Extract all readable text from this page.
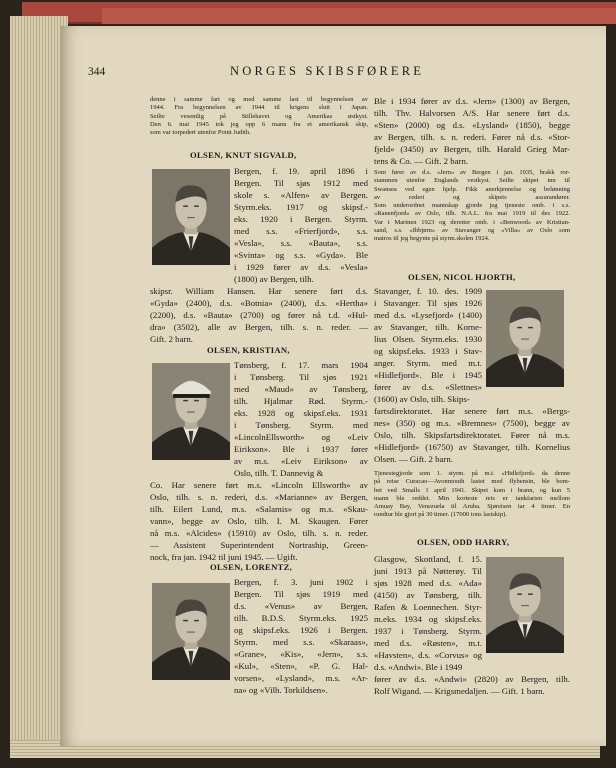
344	NORGES SKIBSFØRERE
denne i samme fart og med samme last til begynnelsen av
1944. Fra begynnelsen av 1944 til krigens slutt i Japan.
Seilte vesentlig på Stillehavet og Amerikas østkyst.
Den 6. mai 1945 tok jeg opp 6 mann fra et amerikansk skip,
som var torpedert utenfor Point Judith.
OLSEN, KNUT SIGVALD,
Bergen, f. 19. april 1896 i
Bergen. Til sjøs 1912 med
skole s. «Alfen» av Bergen.
Styrm.eks. 1917 og skipsf.-
eks. 1920 i Bergen. Styrm.
med s.s. «Frierfjord», s.s.
«Vesla», s.s. «Bauta», s.s.
«Svinta» og s.s. «Gyda». Ble
i 1929 fører av d.s. «Vesla»
(1800) av Bergen, tilh.
skipsr. William Hansen. Har senere ført d.s.
«Gyda» (2400), d.s. «Botnia» (2400), d.s. «Hertha»
(2200), d.s. «Bauta» (2700) og fører nå t.d. «Hul-
dra» (3502), alle av Bergen, tilh. s. n. reder. —
Gift. 2 barn.
OLSEN, KRISTIAN,
Tønsberg, f. 17. mars 1904
i Tønsberg. Til sjøs 1921
med «Maud» av Tønsberg,
tilh. Hjalmar Rød. Styrm.-
eks. 1928 og skipsf.eks. 1931
i Tønsberg. Styrm. med
«LincolnEllsworth» og «Leiv
Eirikson». Ble i 1937 fører
av m.s. «Leiv Eirikson» av
Oslo, tilh. T. Dannevig &
Co. Har senere ført m.s. «Lincoln Ellsworth» av
Oslo, tilh. s. n. rederi, d.s. «Marianne» av Bergen,
tilh. Eilert Lund, m.s. «Salamis» og m.s. «Skau-
vann», begge av Oslo, tilh. I. M. Skaugen. Fører
nå m.s. «Alcides» (15910) av Oslo, tilh. s. n. reder.
— Assistent Superintendent Nortraship, Green-
nock, fra jan. 1942 til juni 1945. — Ugift.
OLSEN, LORENTZ,
Bergen, f. 3. juni 1902 i
Bergen. Til sjøs 1919 med
d.s. «Venus» av Bergen,
tilh. B.D.S. Styrm.eks. 1925
og skipsf.eks. 1926 i Bergen.
Styrm. med s.s. «Skaraas»,
«Grane», «Kis», «Jern», s.s.
«Kul», «Sten», «P. G. Hal-
vorsen», «Lysland», m.s. «Ar-
na» og «Vilh. Torkildsen».
Ble i 1934 fører av d.s. «Jern» (1300) av Bergen,
tilh. Thv. Halvorsen A/S. Har senere ført d.s.
«Sten» (2000) og d.s. «Lysland» (1850), begge
av Bergen, tilh. s. n. rederi. Fører nå d.s. «Stor-
fjeld» (3450) av Bergen, tilh. Harald Grieg Mar-
tens & Co. — Gift. 2 barn.
Som fører av d.s. «Jern» av Bergen i jan. 1935, brakk ror-
stammen utenfor Englands vestkyst. Seilte skipet inn til
Swansea ved egen hjelp. Fikk anerkjennelse og belønning
av rederi og skipets assurandører.
Som underordnet mannskap gjorde jeg tjeneste omb. i s.s.
«Ranenfjord» av Oslo, tilh. N.A.L. fra mai 1919 til des 1922.
Var i Marinen 1923 og deretter omb. i «Benwood» av Kristian-
sand, s.s. «Ibbjørn» av Stavanger og «Villa» av Oslo som
matros til jeg begynte på styrm.skolen 1924.
OLSEN, NICOL HJORTH,
Stavanger, f. 10. des. 1909
i Stavanger. Til sjøs 1926
med d.s. «Lysefjord» (1400)
av Stavanger, tilh. Korne-
lius Olsen. Styrm.eks. 1930
og skipsf.eks. 1933 i Stav-
anger. Styrm. med m.t.
«Hidlefjord». Ble i 1945
fører av d.s. «Slettnes»
(1600) av Oslo, tilh. Skips-
fartsdirektoratet. Har senere ført m.s. «Bergs-
nes» (350) og m.s. «Bremnes» (7500), begge av
Oslo, tilh. Skipsfartsdirektoratet. Fører nå m.s.
«Hidlefjord» (16750) av Stavanger, tilh. Kornelius
Olsen. — Gift. 2 barn.
Tjenestegjorde som 1. styrm. på m.t. «Hidlefjord» da denne
på reise Curacao—Avonmouth lastet med flybensin, ble bom-
bet ved Smalls 1 april 1941. Skipet kom i brann, og kun 5
mann ble reddet. Min korteste reis er tankfarten mellom
Amuay Bay, Venezuela til Aruba. Sjøreisen tar 4 timer. En
rundtur ble gjort på 30 timer. (17000 tons lastskip).
OLSEN, ODD HARRY,
Glasgow, Skottland, f. 15.
juni 1913 på Nøtterøy. Til
sjøs 1928 med d.s. «Ada»
(4150) av Tønsberg, tilh.
Rafen & Loennechen. Styr-
m.eks. 1934 og skipsf.eks.
1937 i Tønsberg. Styrm.
med d.s. «Røsten», m.t.
«Havsten», d.s. «Corvus» og
d.s. «Andwi». Ble i 1949
fører av d.s. «Andwi» (2820) av Bergen, tilh.
Rolf Wigand. — Krigsmedaljen. — Gift. 1 barn.
